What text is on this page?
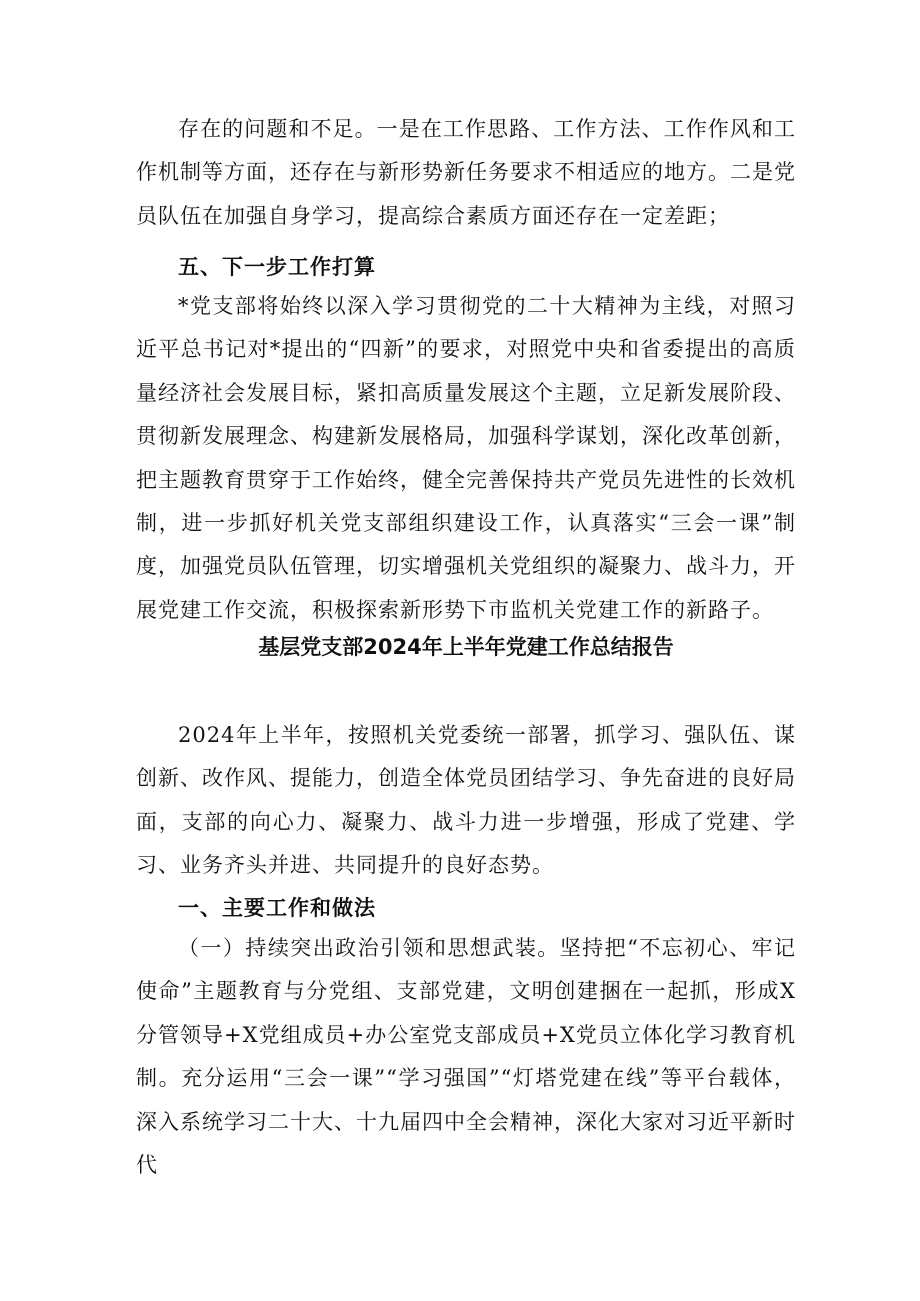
存在的问题和不足。一是在工作思路、工作方法、工作作风和工作机制等方面，还存在与新形势新任务要求不相适应的地方。二是党员队伍在加强自身学习，提高综合素质方面还存在一定差距；

五、下一步工作打算

*党支部将始终以深入学习贯彻党的二十大精神为主线，对照习近平总书记对*提出的“四新”的要求，对照党中央和省委提出的高质量经济社会发展目标，紧扣高质量发展这个主题，立足新发展阶段、贯彻新发展理念、构建新发展格局，加强科学谋划，深化改革创新，把主题教育贯穿于工作始终，健全完善保持共产党员先进性的长效机制，进一步抓好机关党支部组织建设工作，认真落实“三会一课”制度，加强党员队伍管理，切实增强机关党组织的凝聚力、战斗力，开展党建工作交流，积极探索新形势下市监机关党建工作的新路子。

基层党支部2024年上半年党建工作总结报告

2024年上半年，按照机关党委统一部署，抓学习、强队伍、谋创新、改作风、提能力，创造全体党员团结学习、争先奋进的良好局面，支部的向心力、凝聚力、战斗力进一步增强，形成了党建、学习、业务齐头并进、共同提升的良好态势。

一、主要工作和做法

（一）持续突出政治引领和思想武装。坚持把“不忘初心、牢记使命”主题教育与分党组、支部党建，文明创建捆在一起抓，形成X分管领导+X党组成员+办公室党支部成员+X党员立体化学习教育机制。充分运用“三会一课”“学习强国”“灯塔党建在线”等平台载体，深入系统学习二十大、十九届四中全会精神，深化大家对习近平新时代
